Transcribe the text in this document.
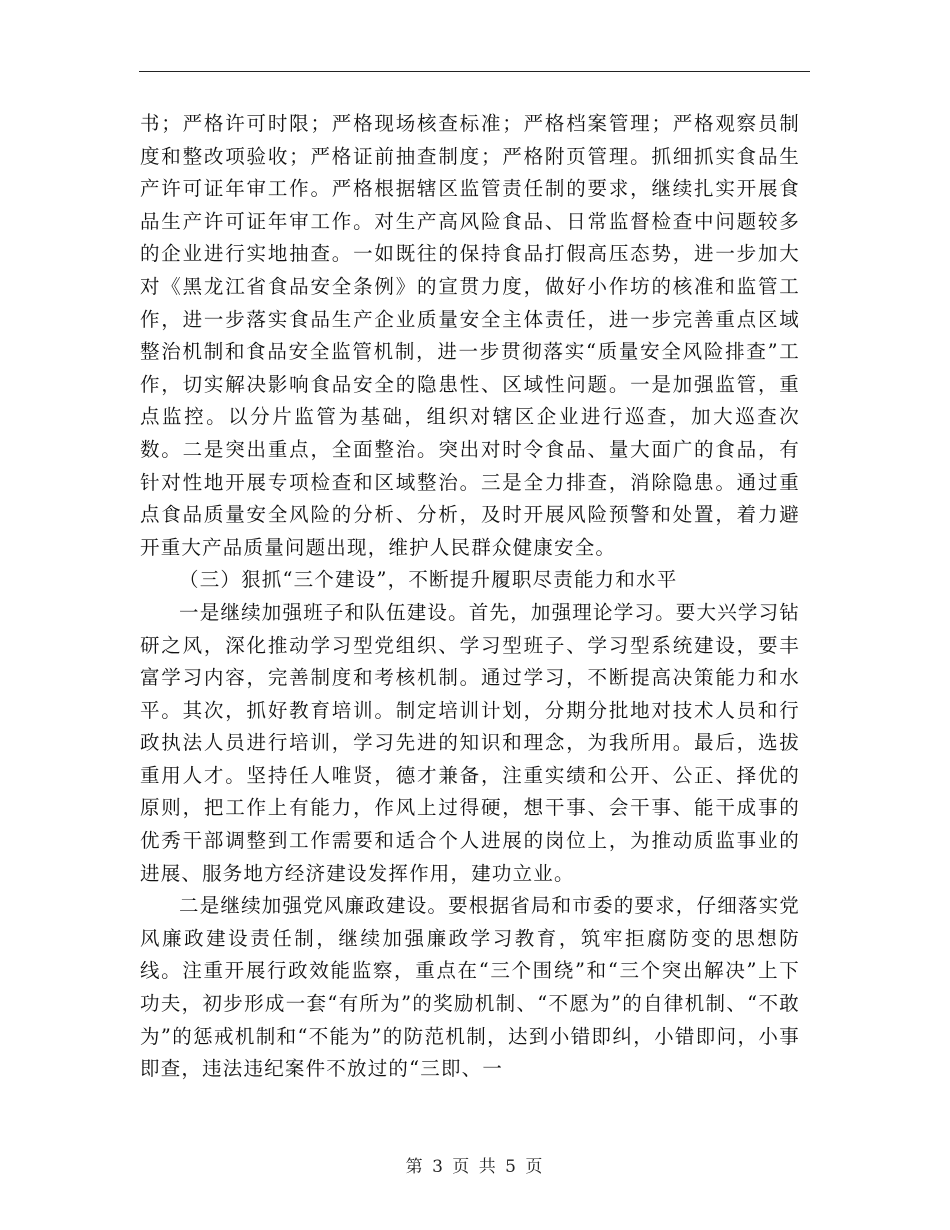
书；严格许可时限；严格现场核查标准；严格档案管理；严格观察员制度和整改项验收；严格证前抽查制度；严格附页管理。抓细抓实食品生产许可证年审工作。严格根据辖区监管责任制的要求，继续扎实开展食品生产许可证年审工作。对生产高风险食品、日常监督检查中问题较多的企业进行实地抽查。一如既往的保持食品打假高压态势，进一步加大对《黑龙江省食品安全条例》的宣贯力度，做好小作坊的核准和监管工作，进一步落实食品生产企业质量安全主体责任，进一步完善重点区域整治机制和食品安全监管机制，进一步贯彻落实“质量安全风险排查”工作，切实解决影响食品安全的隐患性、区域性问题。一是加强监管，重点监控。以分片监管为基础，组织对辖区企业进行巡查，加大巡查次数。二是突出重点，全面整治。突出对时令食品、量大面广的食品，有针对性地开展专项检查和区域整治。三是全力排查，消除隐患。通过重点食品质量安全风险的分析、分析，及时开展风险预警和处置，着力避开重大产品质量问题出现，维护人民群众健康安全。

（三）狠抓“三个建设”，不断提升履职尽责能力和水平

一是继续加强班子和队伍建设。首先，加强理论学习。要大兴学习钻研之风，深化推动学习型党组织、学习型班子、学习型系统建设，要丰富学习内容，完善制度和考核机制。通过学习，不断提高决策能力和水平。其次，抓好教育培训。制定培训计划，分期分批地对技术人员和行政执法人员进行培训，学习先进的知识和理念，为我所用。最后，选拔重用人才。坚持任人唯贤，德才兼备，注重实绩和公开、公正、择优的原则，把工作上有能力，作风上过得硬，想干事、会干事、能干成事的优秀干部调整到工作需要和适合个人进展的岗位上，为推动质监事业的进展、服务地方经济建设发挥作用，建功立业。

二是继续加强党风廉政建设。要根据省局和市委的要求，仔细落实党风廉政建设责任制，继续加强廉政学习教育，筑牢拒腐防变的思想防线。注重开展行政效能监察，重点在“三个围绕”和“三个突出解决”上下功夫，初步形成一套“有所为”的奖励机制、“不愿为”的自律机制、“不敢为”的惩戒机制和“不能为”的防范机制，达到小错即纠，小错即问，小事即查，违法违纪案件不放过的“三即、一

第 3 页 共 5 页
